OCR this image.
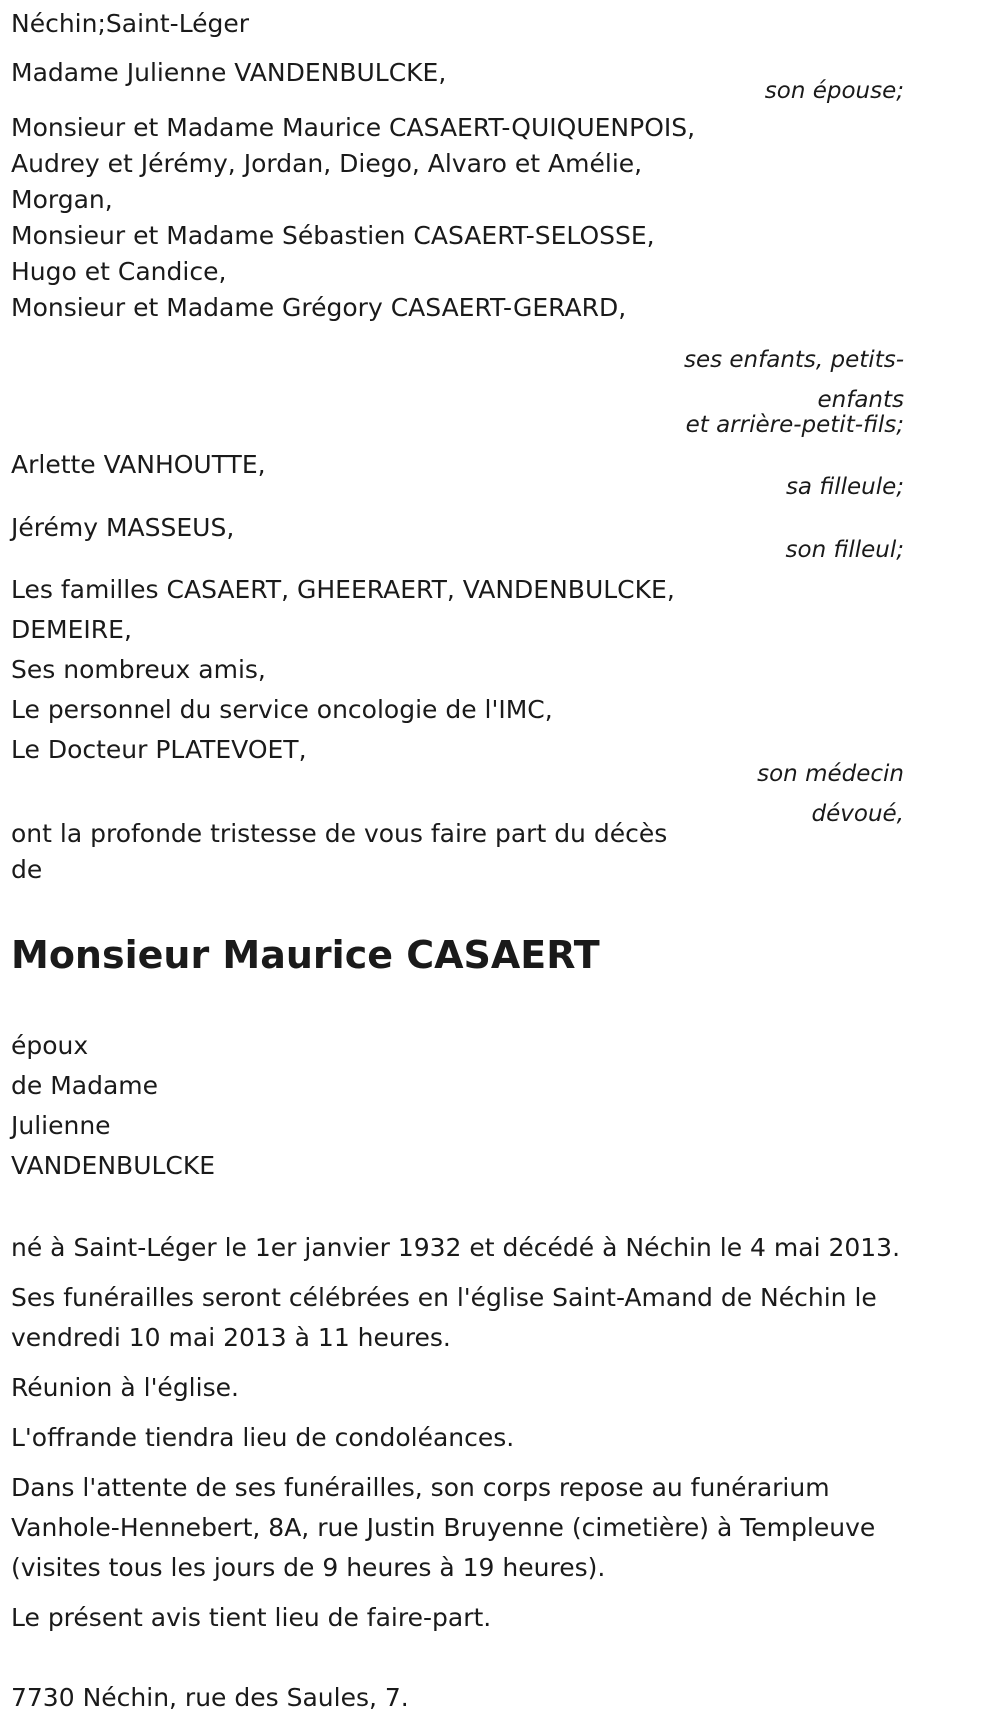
Néchin;Saint-Léger
Madame Julienne VANDENBULCKE,
son épouse;
Monsieur et Madame Maurice CASAERT-QUIQUENPOIS,
Audrey et Jérémy, Jordan, Diego, Alvaro et Amélie,
Morgan,
Monsieur et Madame Sébastien CASAERT-SELOSSE,
Hugo et Candice,
Monsieur et Madame Grégory CASAERT-GERARD,
ses enfants, petits-
enfants
et arrière-petit-fils;
Arlette VANHOUTTE,
sa filleule;
Jérémy MASSEUS,
son filleul;
Les familles CASAERT, GHEERAERT, VANDENBULCKE,
DEMEIRE,
Ses nombreux amis,
Le personnel du service oncologie de l'IMC,
Le Docteur PLATEVOET,
son médecin
dévoué,
ont la profonde tristesse de vous faire part du décès
de
Monsieur Maurice CASAERT
époux
de Madame
Julienne
VANDENBULCKE
né à Saint-Léger le 1er janvier 1932 et décédé à Néchin le 4 mai 2013.
Ses funérailles seront célébrées en l'église Saint-Amand de Néchin le
vendredi 10 mai 2013 à 11 heures.
Réunion à l'église.
L'offrande tiendra lieu de condoléances.
Dans l'attente de ses funérailles, son corps repose au funérarium
Vanhole-Hennebert, 8A, rue Justin Bruyenne (cimetière) à Templeuve
(visites tous les jours de 9 heures à 19 heures).
Le présent avis tient lieu de faire-part.
7730 Néchin, rue des Saules, 7.
